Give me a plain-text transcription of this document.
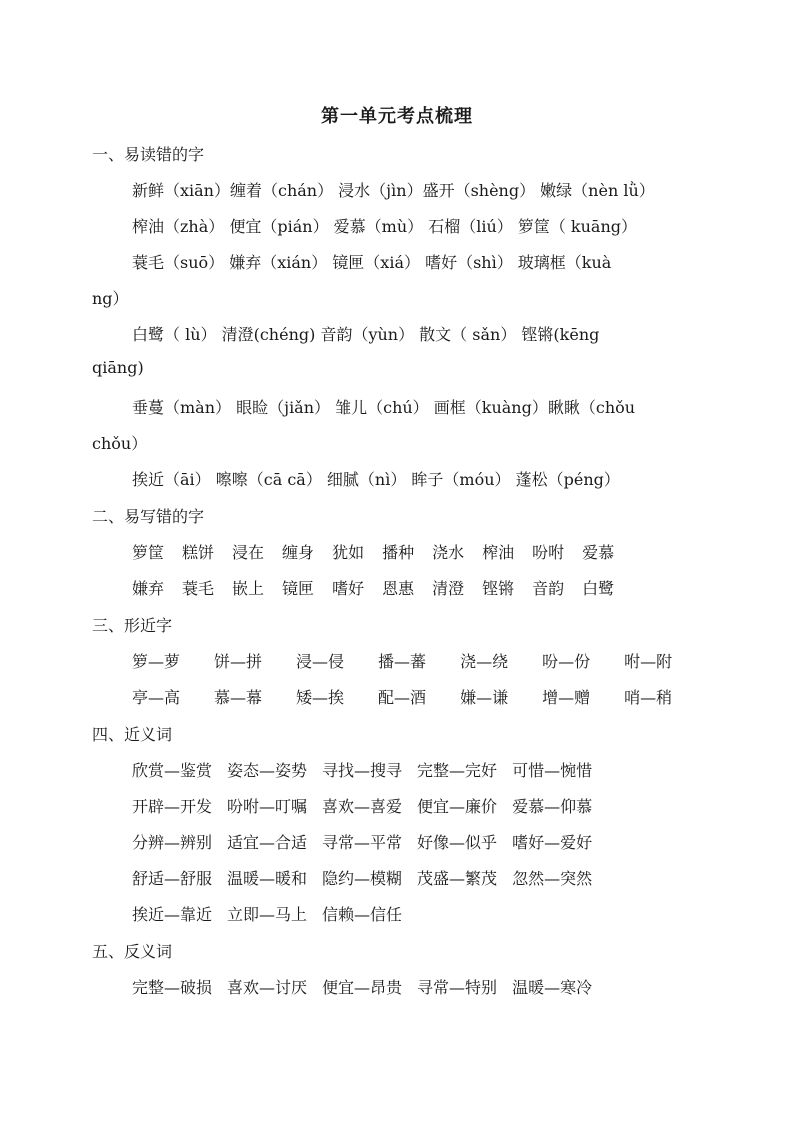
第一单元考点梳理
一、易读错的字
新鲜（xiān）缠着（chán） 浸水（jìn）盛开（shèng） 嫩绿（nèn lǜ）
榨油（zhà） 便宜（pián） 爱慕（mù） 石榴（liú） 箩筐（ kuāng）
蓑毛（suō） 嫌弃（xián） 镜匣（xiá） 嗜好（shì） 玻璃框（kuà
ng）
白鹭（ lù） 清澄(chéng) 音韵（yùn） 散文（ sǎn） 铿锵(kēng
qiāng)
垂蔓（màn） 眼睑（jiǎn） 雏儿（chú） 画框（kuàng）瞅瞅（chǒu
chǒu）
挨近（āi） 嚓嚓（cā cā） 细腻（nì） 眸子（móu） 蓬松（péng）
二、易写错的字
箩筐 糕饼 浸在 缠身 犹如 播种 浇水 榨油 吩咐 爱慕
嫌弃 蓑毛 嵌上 镜匣 嗜好 恩惠 清澄 铿锵 音韵 白鹭
三、形近字
箩—萝 饼—拼 浸—侵 播—蕃 浇—绕 吩—份 咐—附
亭—高 慕—幕 矮—挨 配—酒 嫌—谦 增—赠 哨—稍
四、近义词
欣赏—鉴赏 姿态—姿势 寻找—搜寻 完整—完好 可惜—惋惜
开辟—开发 吩咐—叮嘱 喜欢—喜爱 便宜—廉价 爱慕—仰慕
分辨—辨别 适宜—合适 寻常—平常 好像—似乎 嗜好—爱好
舒适—舒服 温暖—暖和 隐约—模糊 茂盛—繁茂 忽然—突然
挨近—靠近 立即—马上 信赖—信任
五、反义词
完整—破损 喜欢—讨厌 便宜—昂贵 寻常—特别 温暖—寒冷
